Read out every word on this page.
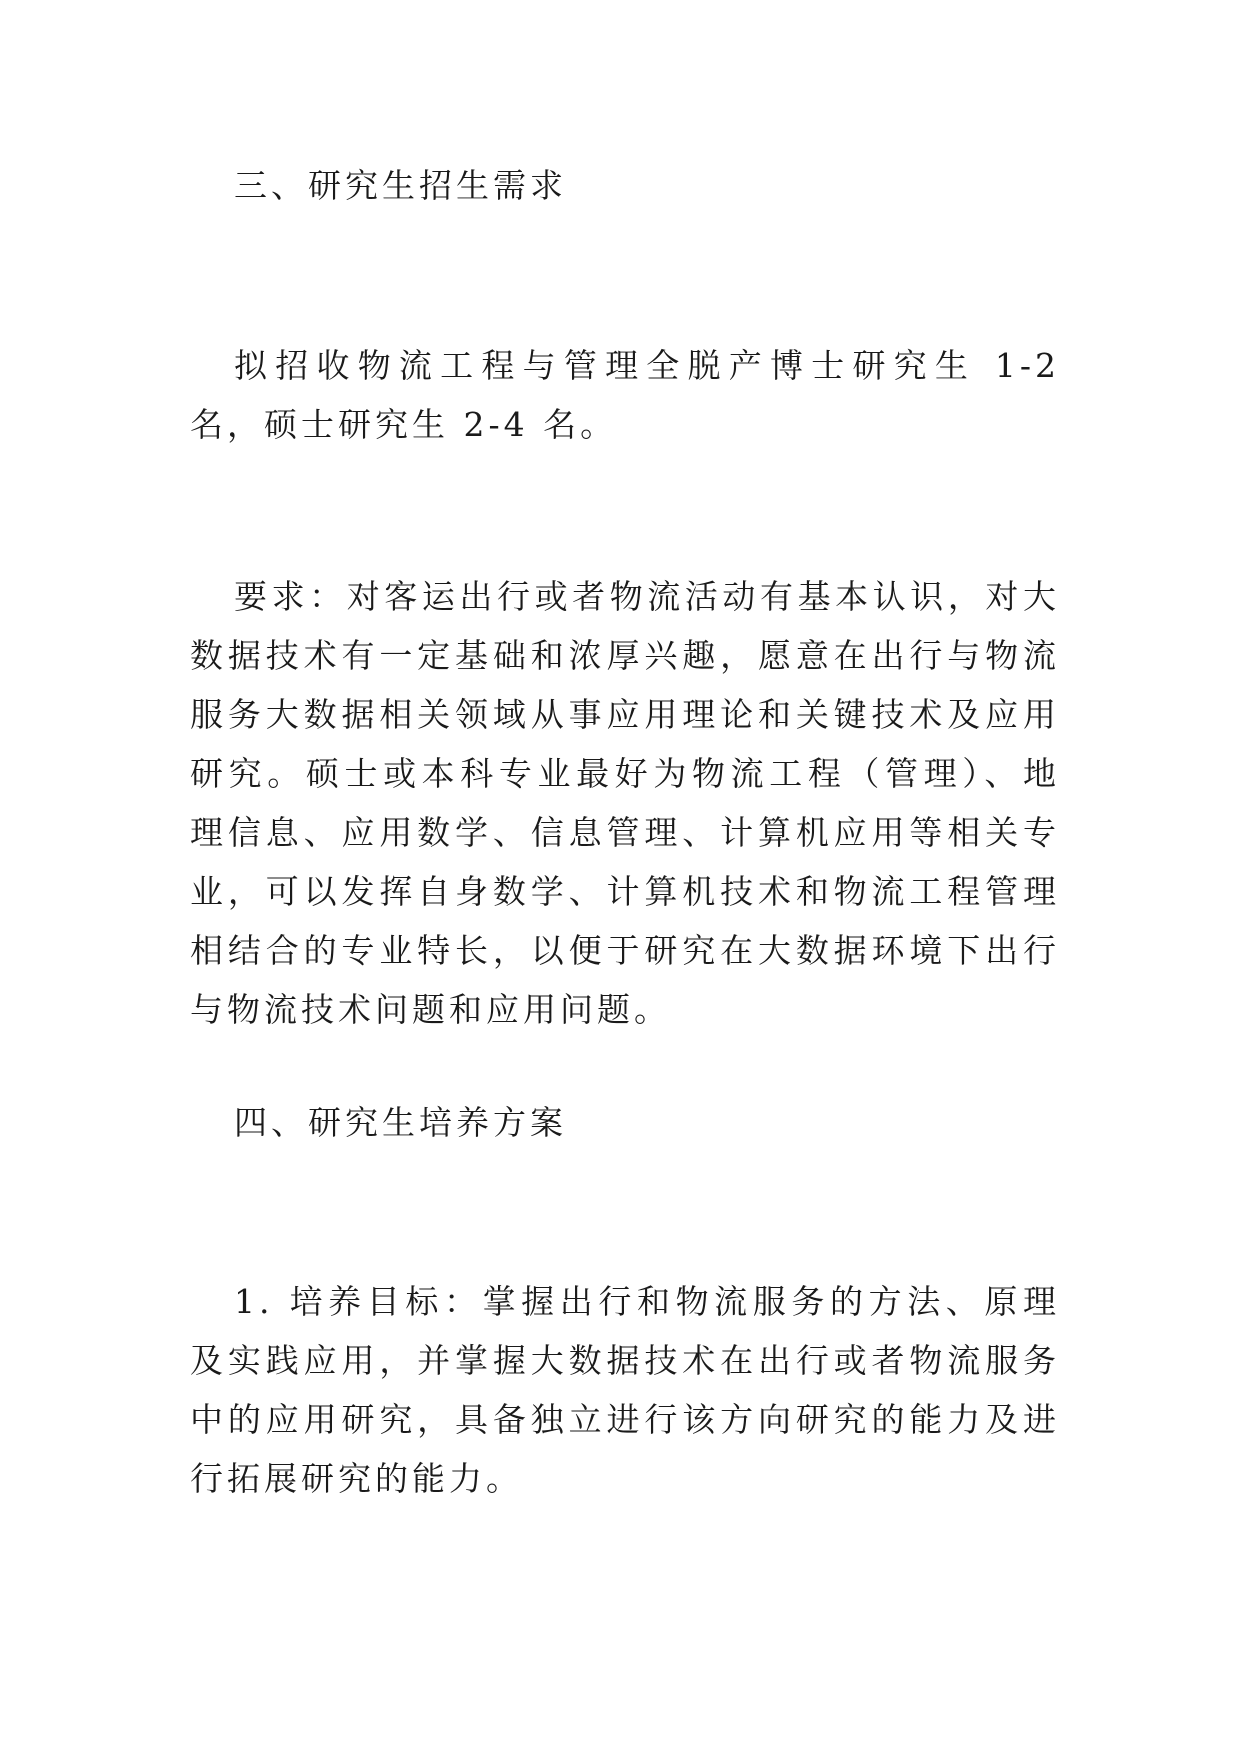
三、研究生招生需求

拟招收物流工程与管理全脱产博士研究生 1-2 名，硕士研究生 2-4 名。

要求：对客运出行或者物流活动有基本认识，对大数据技术有一定基础和浓厚兴趣，愿意在出行与物流服务大数据相关领域从事应用理论和关键技术及应用研究。硕士或本科专业最好为物流工程（管理）、地理信息、应用数学、信息管理、计算机应用等相关专业，可以发挥自身数学、计算机技术和物流工程管理相结合的专业特长，以便于研究在大数据环境下出行与物流技术问题和应用问题。

四、研究生培养方案

1. 培养目标：掌握出行和物流服务的方法、原理及实践应用，并掌握大数据技术在出行或者物流服务中的应用研究，具备独立进行该方向研究的能力及进行拓展研究的能力。
